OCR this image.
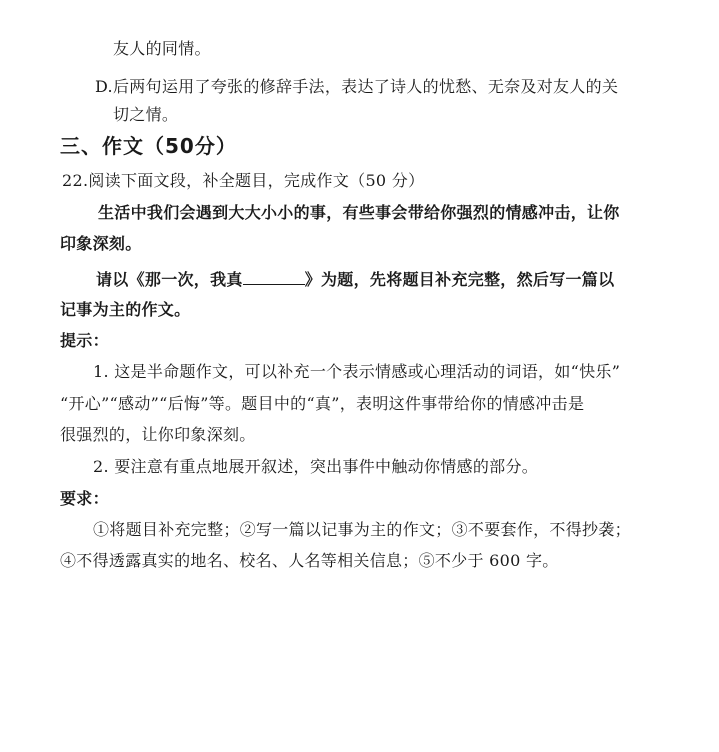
友人的同情。
D.后两句运用了夸张的修辞手法，表达了诗人的忧愁、无奈及对友人的关
切之情。
三、作文（50分）
22.阅读下面文段，补全题目，完成作文（50 分）
生活中我们会遇到大大小小的事，有些事会带给你强烈的情感冲击，让你
印象深刻。
请以《那一次，我真	》为题，先将题目补充完整，然后写一篇以
记事为主的作文。
提示：
1. 这是半命题作文，可以补充一个表示情感或心理活动的词语，如“快乐”
“开心”“感动”“后悔”等。题目中的“真”，表明这件事带给你的情感冲击是
很强烈的，让你印象深刻。
2. 要注意有重点地展开叙述，突出事件中触动你情感的部分。
要求：
①将题目补充完整；②写一篇以记事为主的作文；③不要套作，不得抄袭；
④不得透露真实的地名、校名、人名等相关信息；⑤不少于 600 字。
